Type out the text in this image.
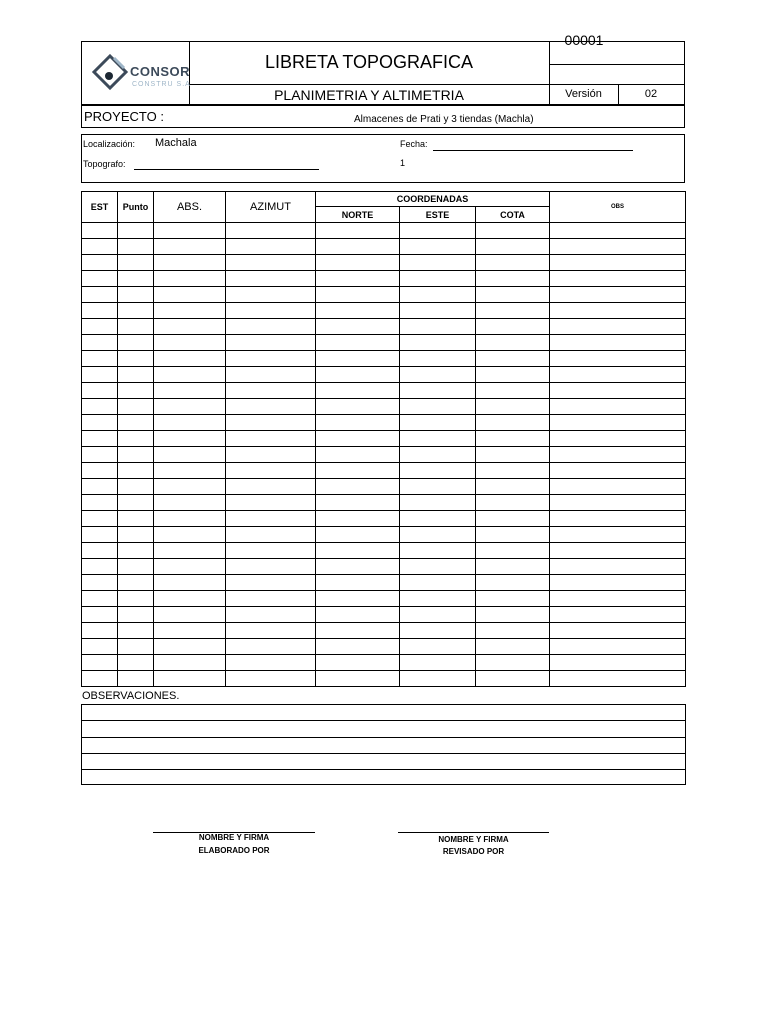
CONSOR
CONSTRU S.A
LIBRETA TOPOGRAFICA
PLANIMETRIA Y ALTIMETRIA
00001
Versión	02
PROYECTO :	Almacenes de Prati y 3 tiendas (Machla)
Localización: Machala	Fecha:
Topografo:	1
EST	Punto	ABS.	AZIMUT	COORDENADAS			OBS
				NORTE	ESTE	COTA	

OBSERVACIONES.
NOMBRE Y FIRMA
ELABORADO POR
NOMBRE Y FIRMA
REVISADO POR
